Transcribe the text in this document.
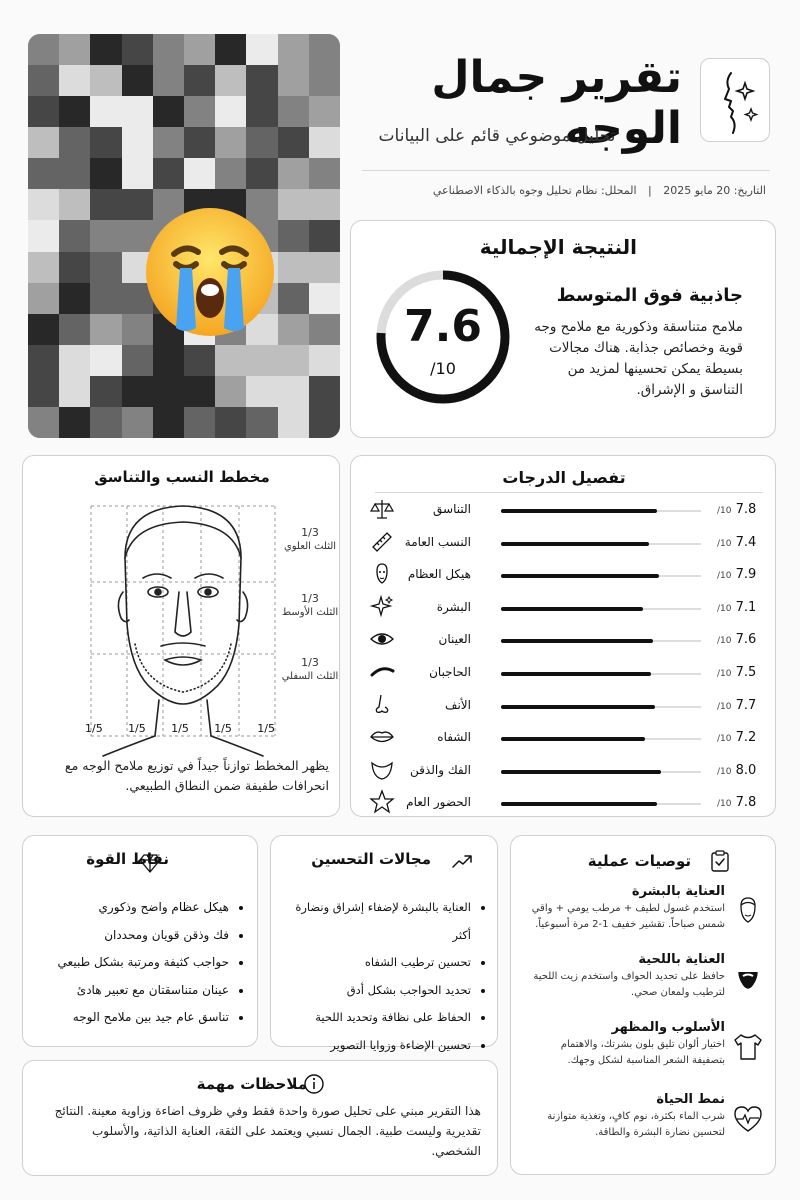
تقرير جمال الوجه
تحليل موضوعي قائم على البيانات
التاريخ: 20 مايو 2025 | المحلل: نظام تحليل وجوه بالذكاء الاصطناعي
النتيجة الإجمالية
7.6
/10
جاذبية فوق المتوسط
ملامح متناسقة وذكورية مع ملامح وجه قوية وخصائص جذابة. هناك مجالات بسيطة يمكن تحسينها لمزيد من التناسق و الإشراق.
مخطط النسب والتناسق
1/3
الثلث العلوي
1/3
الثلث الأوسط
1/3
الثلث السفلي
1/5 1/5 1/5 1/5 1/5
يظهر المخطط توازناً جيداً في توزيع ملامح الوجه مع انحرافات طفيفة ضمن النطاق الطبيعي.
تفصيل الدرجات
التناسق	/10 7.8
النسب العامة	/10 7.4
هيكل العظام	/10 7.9
البشرة	/10 7.1
العينان	/10 7.6
الحاجبان	/10 7.5
الأنف	/10 7.7
الشفاه	/10 7.2
الفك والذقن	/10 8.0
الحضور العام	/10 7.8
نقاط القوة
• هيكل عظام واضح وذكوري
• فك وذقن قويان ومحددان
• حواجب كثيفة ومرتبة بشكل طبيعي
• عينان متناسقتان مع تعبير هادئ
• تناسق عام جيد بين ملامح الوجه
مجالات التحسين
• العناية بالبشرة لإضفاء إشراق ونضارة أكثر
• تحسين ترطيب الشفاه
• تحديد الحواجب بشكل أدق
• الحفاظ على نظافة وتحديد اللحية
• تحسين الإضاءة وزوايا التصوير
توصيات عملية
العناية بالبشرة
استخدم غسول لطيف + مرطب يومي + واقي شمس صباحاً. تقشير خفيف 1-2 مرة أسبوعياً.
العناية باللحية
حافظ على تحديد الحواف واستخدم زيت اللحية لترطيب ولمعان صحي.
الأسلوب والمظهر
اختيار ألوان تليق بلون بشرتك، والاهتمام بتصفيفة الشعر المناسبة لشكل وجهك.
نمط الحياة
شرب الماء بكثرة، نوم كافٍ، وتغذية متوازنة لتحسين نضارة البشرة والطاقة.
ملاحظات مهمة
هذا التقرير مبني على تحليل صورة واحدة فقط وفي ظروف اضاءة وزاوية معينة. النتائج تقديرية وليست طبية. الجمال نسبي ويعتمد على الثقة، العناية الذاتية، والأسلوب الشخصي.
